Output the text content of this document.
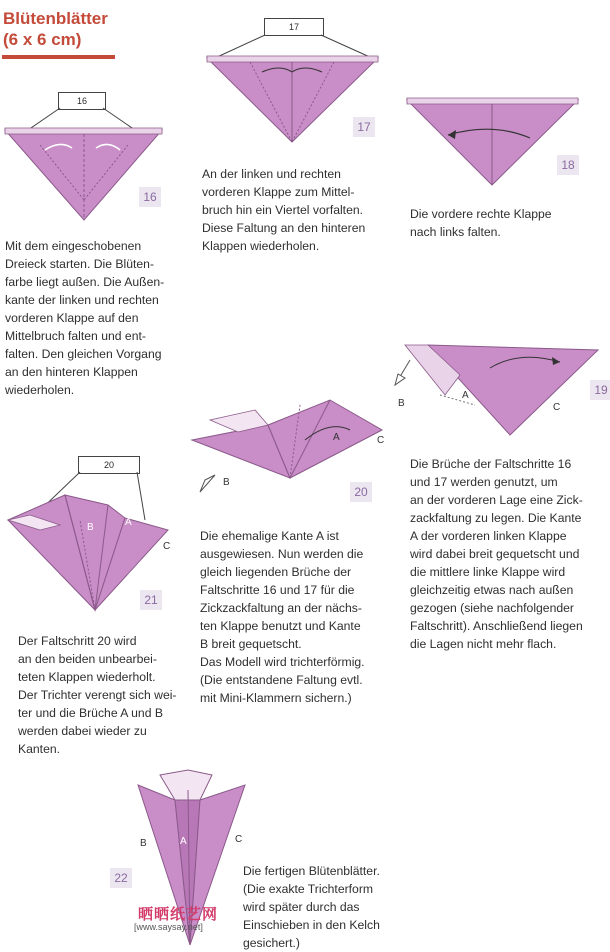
Blütenblätter
(6 x 6 cm)
16
16
Mit dem eingeschobenen
Dreieck starten. Die Blüten-
farbe liegt außen. Die Außen-
kante der linken und rechten
vorderen Klappe auf den
Mittelbruch falten und ent-
falten. Den gleichen Vorgang
an den hinteren Klappen
wiederholen.
17
17
An der linken und rechten
vorderen Klappe zum Mittel-
bruch hin ein Viertel vorfalten.
Diese Faltung an den hinteren
Klappen wiederholen.
18
Die vordere rechte Klappe
nach links falten.
B
A
C
19
Die Brüche der Faltschritte 16
und 17 werden genutzt, um
an der vorderen Lage eine Zick-
zackfaltung zu legen. Die Kante
A der vorderen linken Klappe
wird dabei breit gequetscht und
die mittlere linke Klappe wird
gleichzeitig etwas nach außen
gezogen (siehe nachfolgender
Faltschritt). Anschließend liegen
die Lagen nicht mehr flach.
B
A	C
20
Die ehemalige Kante A ist
ausgewiesen. Nun werden die
gleich liegenden Brüche der
Faltschritte 16 und 17 für die
Zickzackfaltung an der nächs-
ten Klappe benutzt und Kante
B breit gequetscht.
Das Modell wird trichterförmig.
(Die entstandene Faltung evtl.
mit Mini-Klammern sichern.)
20
B	A
C
21
Der Faltschritt 20 wird
an den beiden unbearbei-
teten Klappen wiederholt.
Der Trichter verengt sich wei-
ter und die Brüche A und B
werden dabei wieder zu
Kanten.
B	A	C
22	Die fertigen Blütenblätter.
(Die exakte Trichterform
wird später durch das
Einschieben in den Kelch
gesichert.)
晒晒纸艺网
[www.saysay.net]
